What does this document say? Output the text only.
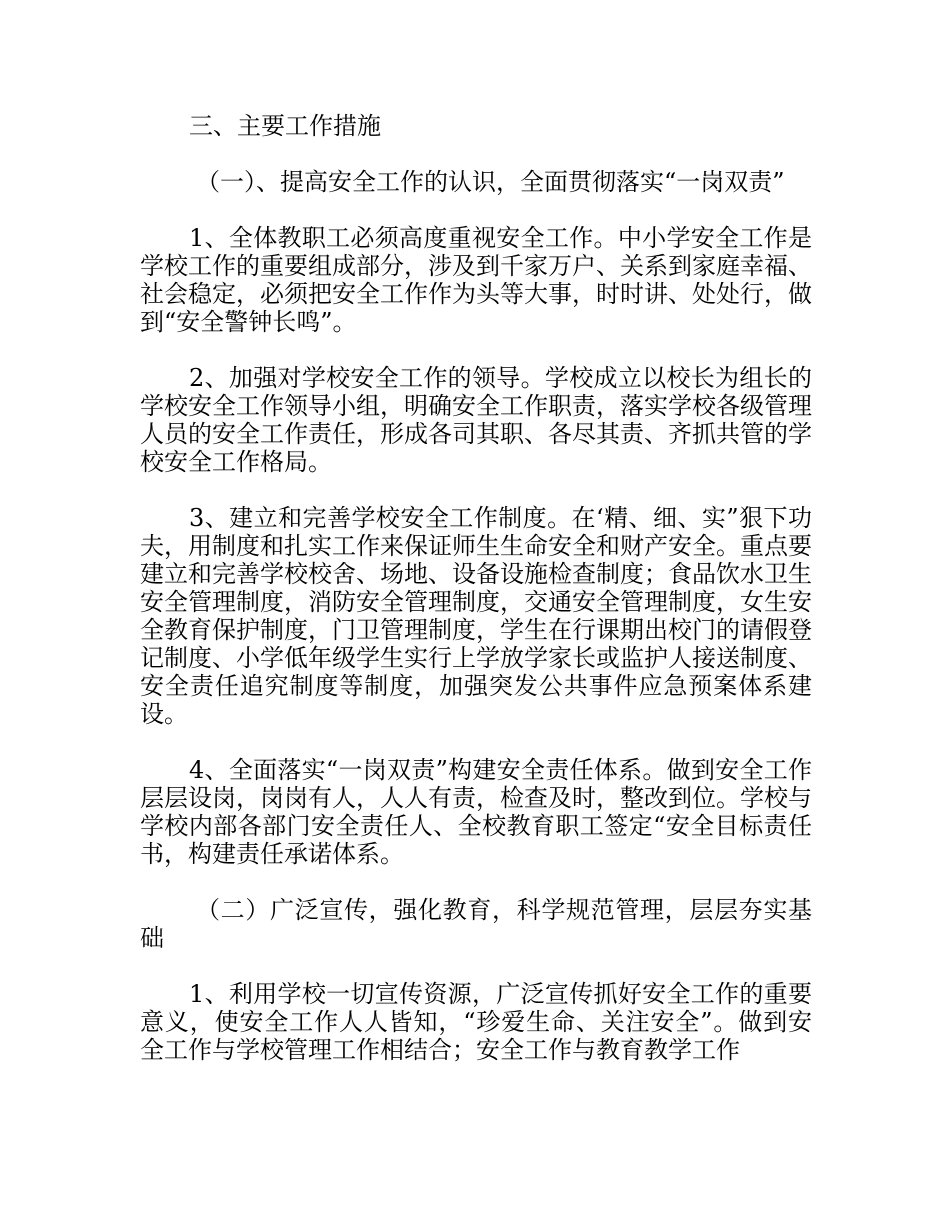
三、主要工作措施

（一）、提高安全工作的认识，全面贯彻落实“一岗双责”

1、全体教职工必须高度重视安全工作。中小学安全工作是学校工作的重要组成部分，涉及到千家万户、关系到家庭幸福、社会稳定，必须把安全工作作为头等大事，时时讲、处处行，做到“安全警钟长鸣”。

2、加强对学校安全工作的领导。学校成立以校长为组长的学校安全工作领导小组，明确安全工作职责，落实学校各级管理人员的安全工作责任，形成各司其职、各尽其责、齐抓共管的学校安全工作格局。

3、建立和完善学校安全工作制度。在‘精、细、实”狠下功夫，用制度和扎实工作来保证师生生命安全和财产安全。重点要建立和完善学校校舍、场地、设备设施检查制度；食品饮水卫生安全管理制度，消防安全管理制度，交通安全管理制度，女生安全教育保护制度，门卫管理制度，学生在行课期出校门的请假登记制度、小学低年级学生实行上学放学家长或监护人接送制度、安全责任追究制度等制度，加强突发公共事件应急预案体系建设。

4、全面落实“一岗双责”构建安全责任体系。做到安全工作层层设岗，岗岗有人，人人有责，检查及时，整改到位。学校与学校内部各部门安全责任人、全校教育职工签定“安全目标责任书，构建责任承诺体系。

（二）广泛宣传，强化教育，科学规范管理，层层夯实基础

1、利用学校一切宣传资源，广泛宣传抓好安全工作的重要意义，使安全工作人人皆知，“珍爱生命、关注安全”。做到安全工作与学校管理工作相结合；安全工作与教育教学工作
